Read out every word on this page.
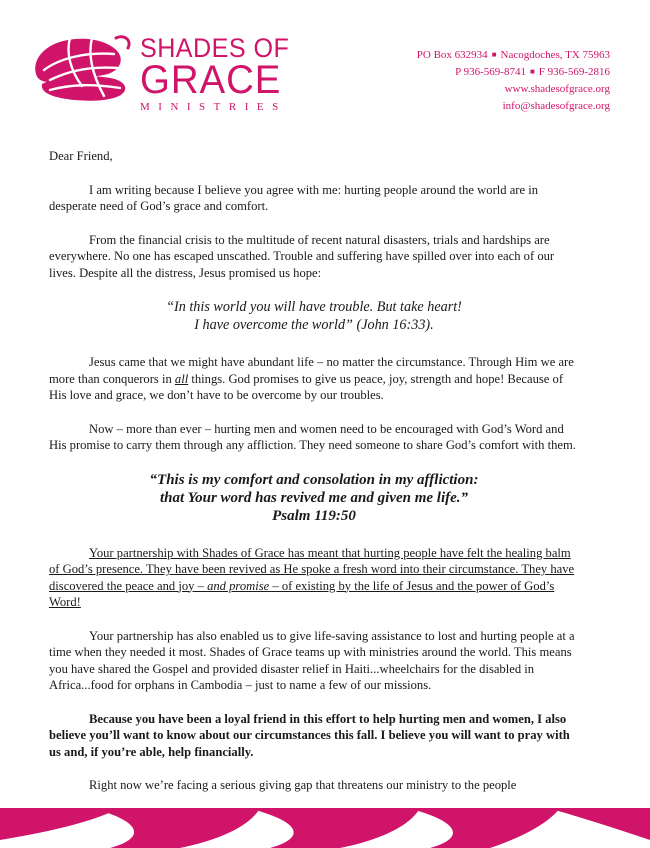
SHADES OF
GRACE
MINISTRIES
PO Box 632934 ■ Nacogdoches, TX 75963
P 936-569-8741 ■ F 936-569-2816
www.shadesofgrace.org
info@shadesofgrace.org

Dear Friend,

I am writing because I believe you agree with me: hurting people around the world are in desperate need of God’s grace and comfort.

From the financial crisis to the multitude of recent natural disasters, trials and hardships are everywhere. No one has escaped unscathed. Trouble and suffering have spilled over into each of our lives. Despite all the distress, Jesus promised us hope:

“In this world you will have trouble. But take heart!
I have overcome the world” (John 16:33).

Jesus came that we might have abundant life – no matter the circumstance. Through Him we are more than conquerors in all things. God promises to give us peace, joy, strength and hope! Because of His love and grace, we don’t have to be overcome by our troubles.

Now – more than ever – hurting men and women need to be encouraged with God’s Word and His promise to carry them through any affliction. They need someone to share God’s comfort with them.

“This is my comfort and consolation in my affliction:
that Your word has revived me and given me life.”
Psalm 119:50

Your partnership with Shades of Grace has meant that hurting people have felt the healing balm of God’s presence. They have been revived as He spoke a fresh word into their circumstance. They have discovered the peace and joy – and promise – of existing by the life of Jesus and the power of God’s Word!

Your partnership has also enabled us to give life-saving assistance to lost and hurting people at a time when they needed it most. Shades of Grace teams up with ministries around the world. This means you have shared the Gospel and provided disaster relief in Haiti...wheelchairs for the disabled in Africa...food for orphans in Cambodia – just to name a few of our missions.

Because you have been a loyal friend in this effort to help hurting men and women, I also believe you’ll want to know about our circumstances this fall. I believe you will want to pray with us and, if you’re able, help financially.

Right now we’re facing a serious giving gap that threatens our ministry to the people
